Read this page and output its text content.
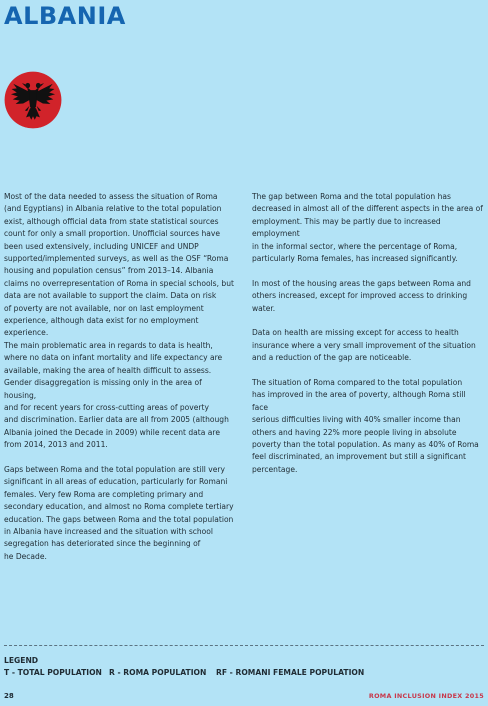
ALBANIA

Most of the data needed to assess the situation of Roma
(and Egyptians) in Albania relative to the total population
exist, although official data from state statistical sources
count for only a small proportion. Unofficial sources have
been used extensively, including UNICEF and UNDP
supported/implemented surveys, as well as the OSF “Roma
housing and population census” from 2013–14. Albania
claims no overrepresentation of Roma in special schools, but
data are not available to support the claim. Data on risk
of poverty are not available, nor on last employment
experience, although data exist for no employment experience.
The main problematic area in regards to data is health,
where no data on infant mortality and life expectancy are
available, making the area of health difficult to assess.
Gender disaggregation is missing only in the area of housing,
and for recent years for cross-cutting areas of poverty
and discrimination. Earlier data are all from 2005 (although
Albania joined the Decade in 2009) while recent data are
from 2014, 2013 and 2011.

Gaps between Roma and the total population are still very
significant in all areas of education, particularly for Romani
females. Very few Roma are completing primary and
secondary education, and almost no Roma complete tertiary
education. The gaps between Roma and the total population
in Albania have increased and the situation with school
segregation has deteriorated since the beginning of
he Decade.

The gap between Roma and the total population has
decreased in almost all of the different aspects in the area of
employment. This may be partly due to increased employment
in the informal sector, where the percentage of Roma,
particularly Roma females, has increased significantly.

In most of the housing areas the gaps between Roma and
others increased, except for improved access to drinking water.

Data on health are missing except for access to health
insurance where a very small improvement of the situation
and a reduction of the gap are noticeable.

The situation of Roma compared to the total population
has improved in the area of poverty, although Roma still face
serious difficulties living with 40% smaller income than
others and having 22% more people living in absolute
poverty than the total population. As many as 40% of Roma
feel discriminated, an improvement but still a significant
percentage.

LEGEND
T - TOTAL POPULATION R - ROMA POPULATION	RF - ROMANI FEMALE POPULATION
28	ROMA INCLUSION INDEX 2015
